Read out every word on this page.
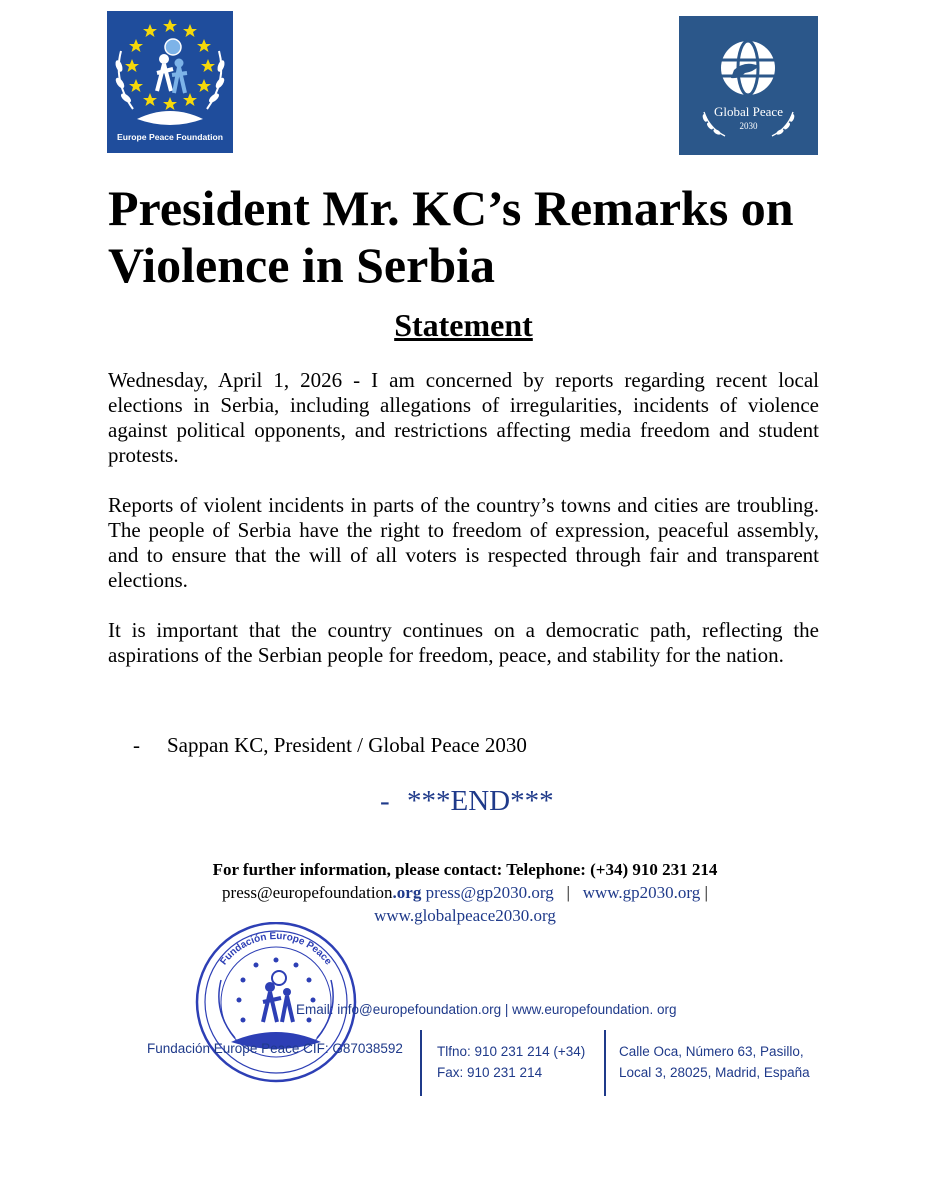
Europe Peace Foundation
Global Peace
2030
President Mr. KC’s Remarks on Violence in Serbia
Statement

Wednesday, April 1, 2026 - I am concerned by reports regarding recent local elections in Serbia, including allegations of irregularities, incidents of violence against political opponents, and restrictions affecting media freedom and student protests.

Reports of violent incidents in parts of the country’s towns and cities are troubling. The people of Serbia have the right to freedom of expression, peaceful assembly, and to ensure that the will of all voters is respected through fair and transparent elections.

It is important that the country continues on a democratic path, reflecting the aspirations of the Serbian people for freedom, peace, and stability for the nation.

- Sappan KC, President / Global Peace 2030
- ***END***
For further information, please contact: Telephone: (+34) 910 231 214
press@europefoundation.org press@gp2030.org | www.gp2030.org |
www.globalpeace2030.org
Fundación Europe Peace
Email: info@europefoundation.org | www.europefoundation. org
Fundación Europe Peace CIF: G87038592	Tlfno: 910 231 214 (+34)
Fax: 910 231 214
Calle Oca, Número 63, Pasillo,
Local 3, 28025, Madrid, España
